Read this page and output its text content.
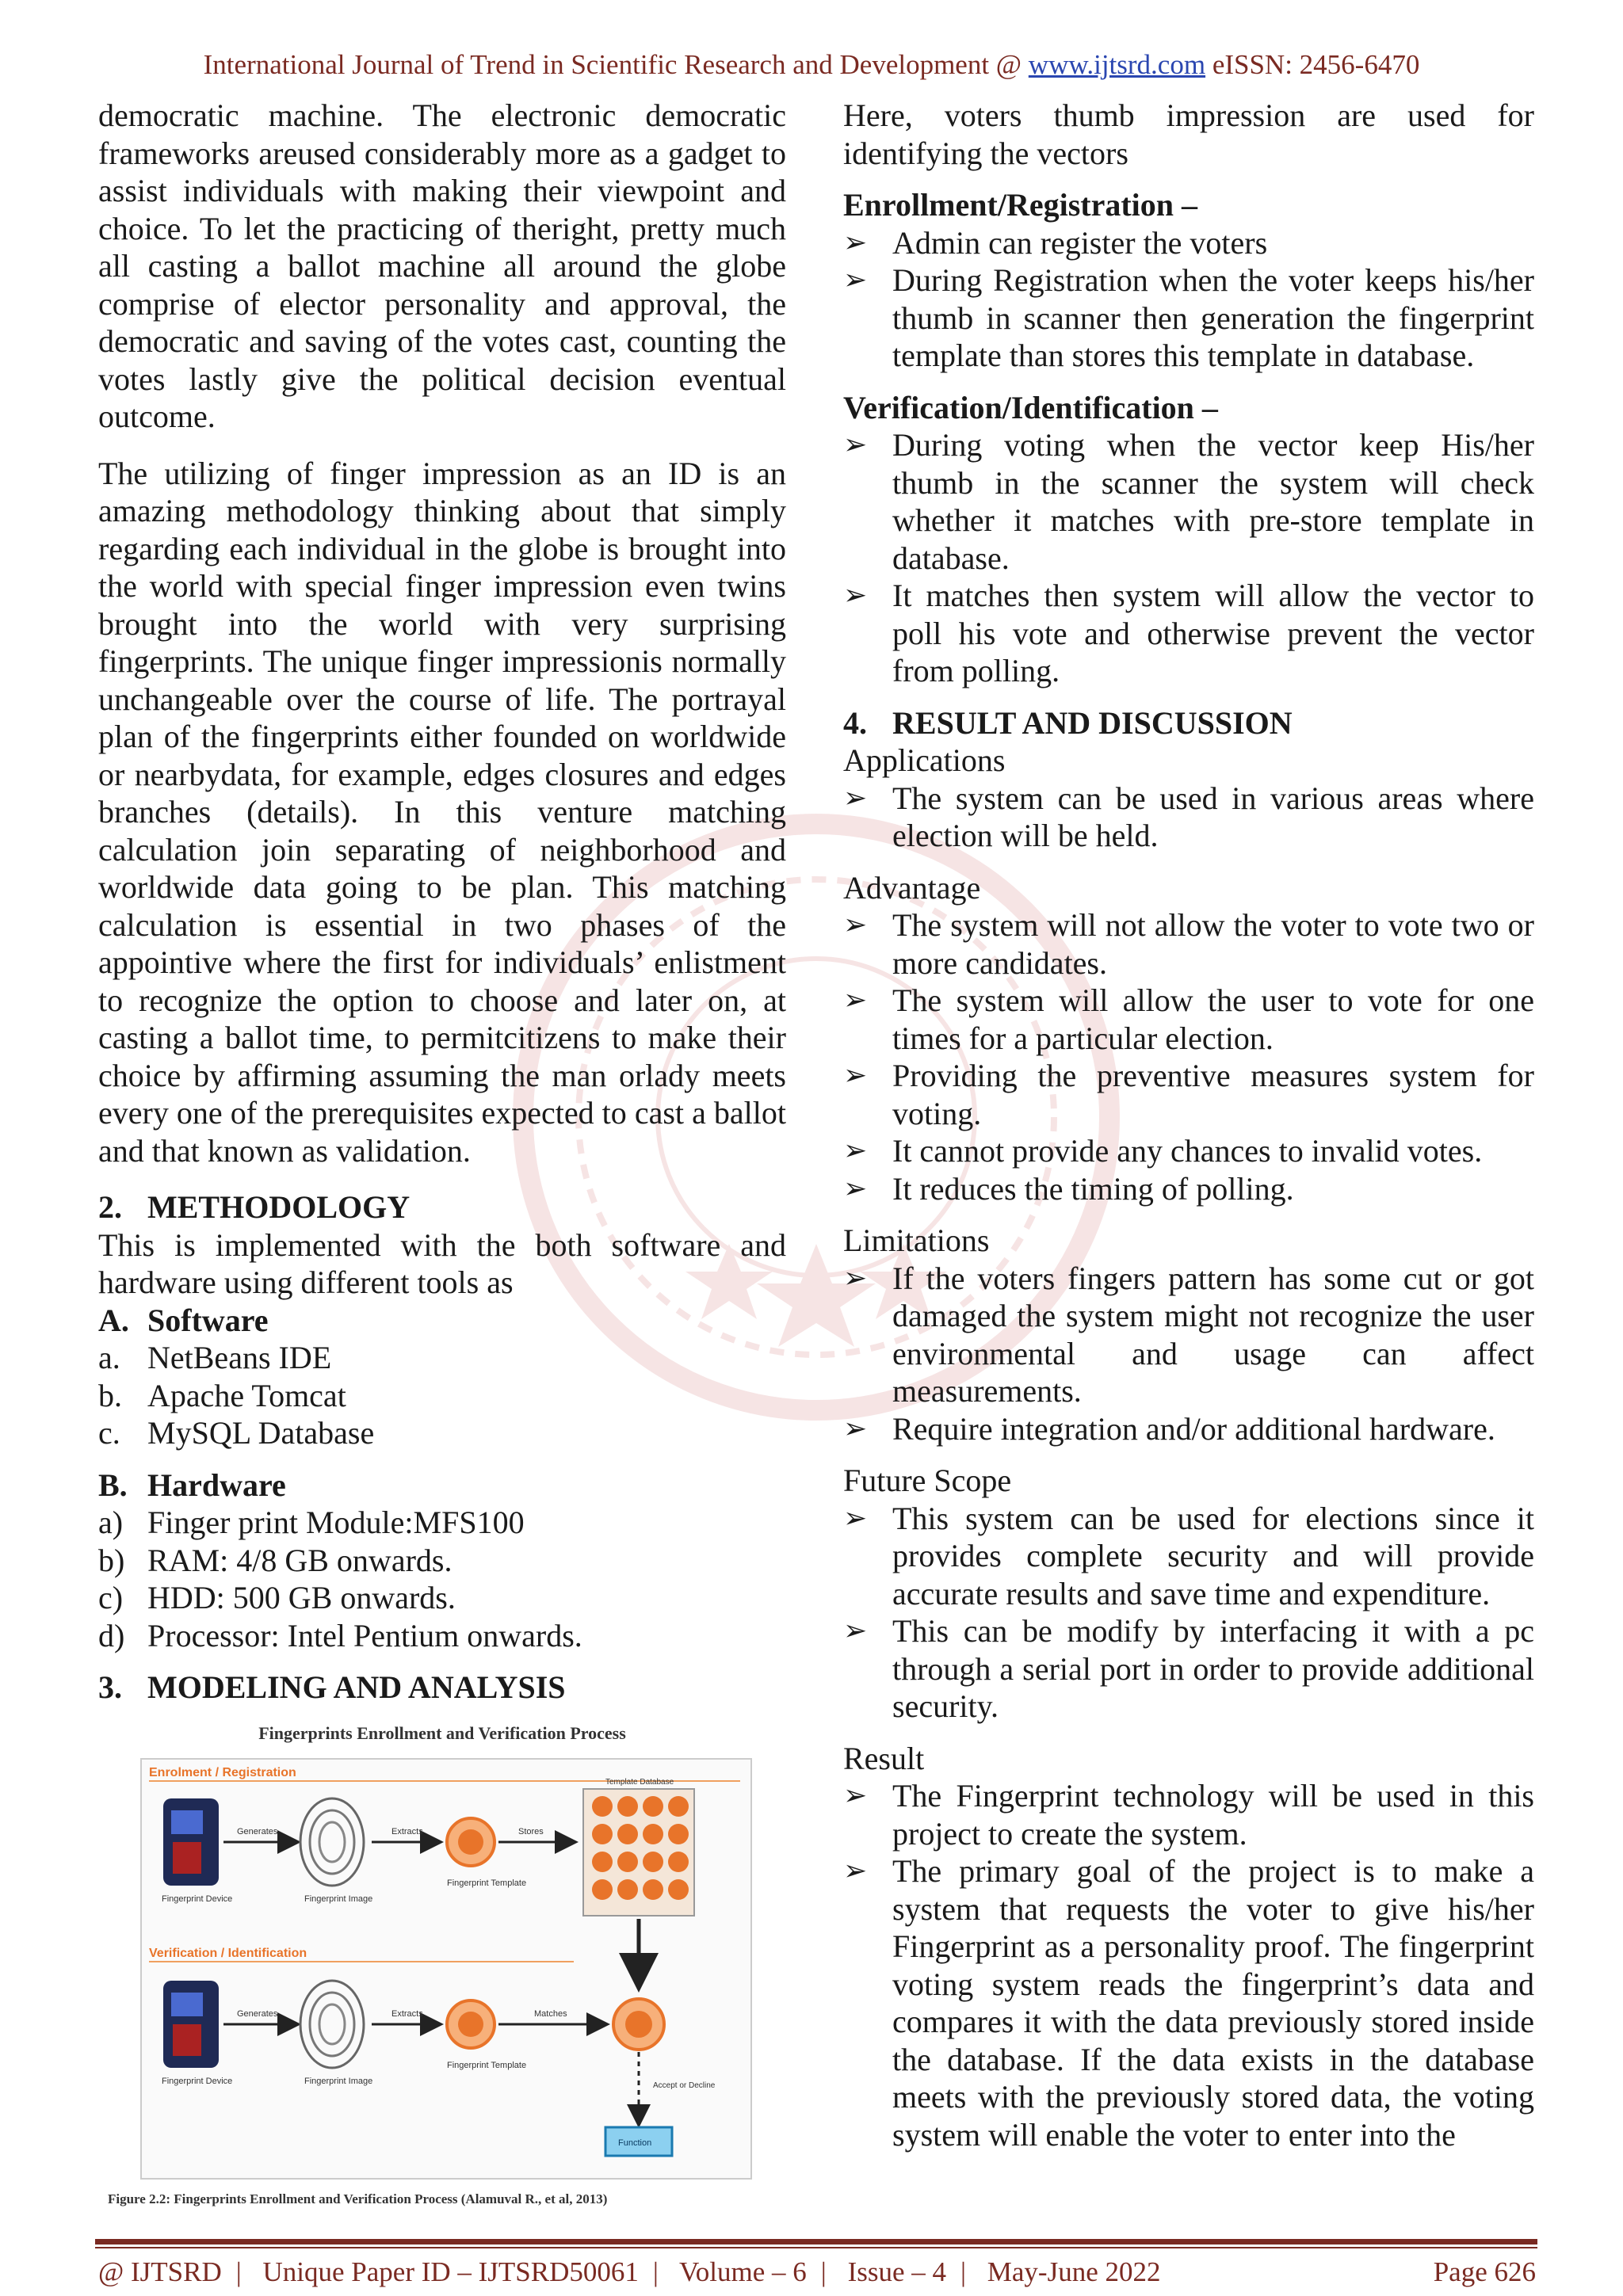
International Journal of Trend in Scientific Research and Development @ www.ijtsrd.com eISSN: 2456-6470

democratic machine. The electronic democratic frameworks areused considerably more as a gadget to assist individuals with making their viewpoint and choice. To let the practicing of theright, pretty much all casting a ballot machine all around the globe comprise of elector personality and approval, the democratic and saving of the votes cast, counting the votes lastly give the political decision eventual outcome.

The utilizing of finger impression as an ID is an amazing methodology thinking about that simply regarding each individual in the globe is brought into the world with special finger impression even twins brought into the world with very surprising fingerprints. The unique finger impressionis normally unchangeable over the course of life. The portrayal plan of the fingerprints either founded on worldwide or nearbydata, for example, edges closures and edges branches (details). In this venture matching calculation join separating of neighborhood and worldwide data going to be plan. This matching calculation is essential in two phases of the appointive where the first for individuals’ enlistment to recognize the option to choose and later on, at casting a ballot time, to permitcitizens to make their choice by affirming assuming the man orlady meets every one of the prerequisites expected to cast a ballot and that known as validation.

2. METHODOLOGY

This is implemented with the both software and hardware using different tools as

A. Software
a. NetBeans IDE
b. Apache Tomcat
c. MySQL Database
B. Hardware
a) Finger print Module:MFS100
b) RAM: 4/8 GB onwards.
c) HDD: 500 GB onwards.
d) Processor: Intel Pentium onwards.
3. MODELING AND ANALYSIS
Fingerprints Enrollment and Verification Process
Enrolment / Registration
Fingerprint Device
Generates
Fingerprint Image
Extracts
Fingerprint Template
Stores
Template Database
Verification / Identification
Fingerprint Device
Generates
Fingerprint Image
Extracts
Fingerprint Template
Matches
Accept or Decline
Function
Figure 2.2: Fingerprints Enrollment and Verification Process (Alamuval R., et al, 2013)

Here, voters thumb impression are used for identifying the vectors

Enrollment/Registration –
➢ Admin can register the voters
➢ During Registration when the voter keeps his/her thumb in scanner then generation the fingerprint template than stores this template in database.
Verification/Identification –
➢ During voting when the vector keep His/her thumb in the scanner the system will check whether it matches with pre-store template in database.
➢ It matches then system will allow the vector to poll his vote and otherwise prevent the vector from polling.
4. RESULT AND DISCUSSION
Applications
➢ The system can be used in various areas where election will be held.
Advantage
➢ The system will not allow the voter to vote two or more candidates.
➢ The system will allow the user to vote for one times for a particular election.
➢ Providing the preventive measures system for voting.
➢ It cannot provide any chances to invalid votes.
➢ It reduces the timing of polling.
Limitations
➢ If the voters fingers pattern has some cut or got damaged the system might not recognize the user environmental and usage can affect measurements.
➢ Require integration and/or additional hardware.
Future Scope
➢ This system can be used for elections since it provides complete security and will provide accurate results and save time and expenditure.
➢ This can be modify by interfacing it with a pc through a serial port in order to provide additional security.
Result
➢ The Fingerprint technology will be used in this project to create the system.
➢ The primary goal of the project is to make a system that requests the voter to give his/her Fingerprint as a personality proof. The fingerprint voting system reads the fingerprint’s data and compares it with the data previously stored inside the database. If the data exists in the database meets with the previously stored data, the voting system will enable the voter to enter into the
@ IJTSRD | Unique Paper ID – IJTSRD50061 | Volume – 6 | Issue – 4 | May-June 2022	Page 626
